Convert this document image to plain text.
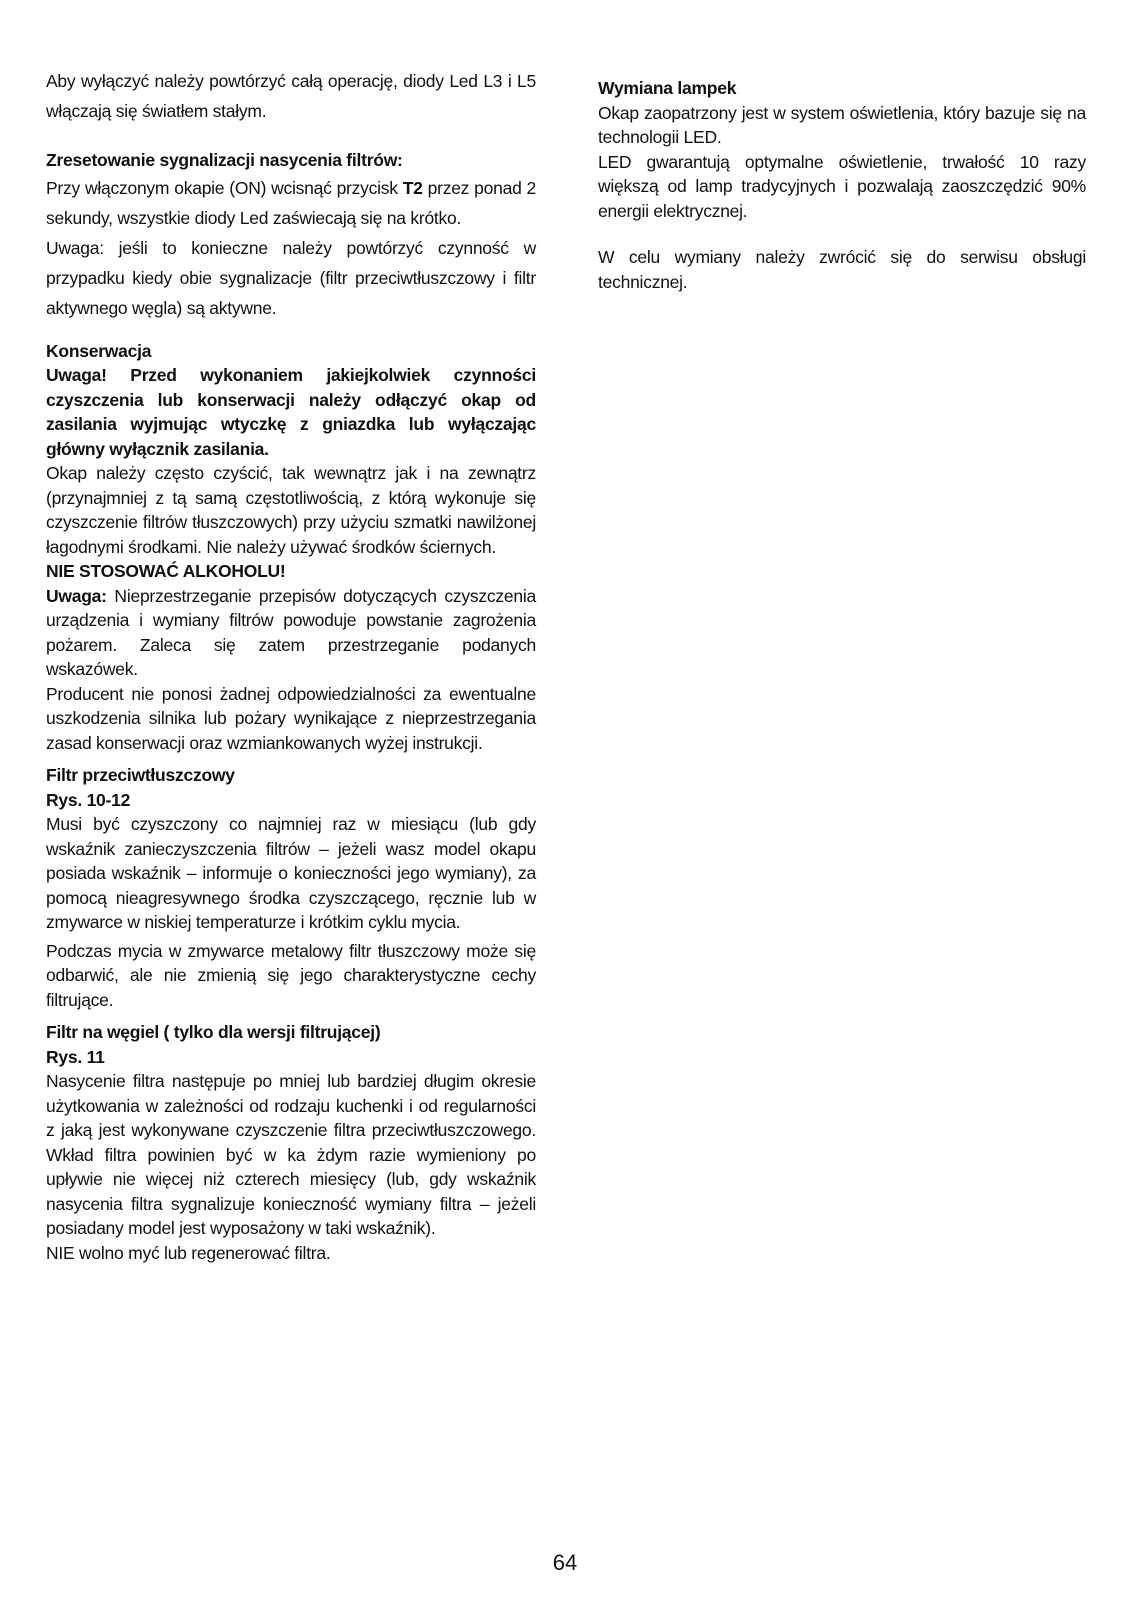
Aby wyłączyć należy powtórzyć całą operację, diody Led L3 i L5 włączają się światłem stałym.

Zresetowanie sygnalizacji nasycenia filtrów:

Przy włączonym okapie (ON) wcisnąć przycisk T2 przez ponad 2 sekundy, wszystkie diody Led zaświecają się na krótko.

Uwaga: jeśli to konieczne należy powtórzyć czynność w przypadku kiedy obie sygnalizacje (filtr przeciwtłuszczowy i filtr aktywnego węgla) są aktywne.

Konserwacja

Uwaga! Przed wykonaniem jakiejkolwiek czynności czyszczenia lub konserwacji należy odłączyć okap od zasilania wyjmując wtyczkę z gniazdka lub wyłączając główny wyłącznik zasilania.

Okap należy często czyścić, tak wewnątrz jak i na zewnątrz (przynajmniej z tą samą częstotliwością, z którą wykonuje się czyszczenie filtrów tłuszczowych) przy użyciu szmatki nawilżonej łagodnymi środkami. Nie należy używać środków ściernych.

NIE STOSOWAĆ ALKOHOLU!

Uwaga: Nieprzestrzeganie przepisów dotyczących czyszczenia urządzenia i wymiany filtrów powoduje powstanie zagrożenia pożarem. Zaleca się zatem przestrzeganie podanych wskazówek.

Producent nie ponosi żadnej odpowiedzialności za ewentualne uszkodzenia silnika lub pożary wynikające z nieprzestrzegania zasad konserwacji oraz wzmiankowanych wyżej instrukcji.

Filtr przeciwtłuszczowy

Rys. 10-12

Musi być czyszczony co najmniej raz w miesiącu (lub gdy wskaźnik zanieczyszczenia filtrów – jeżeli wasz model okapu posiada wskaźnik – informuje o konieczności jego wymiany), za pomocą nieagresywnego środka czyszczącego, ręcznie lub w zmywarce w niskiej temperaturze i krótkim cyklu mycia.

Podczas mycia w zmywarce metalowy filtr tłuszczowy może się odbarwić, ale nie zmienią się jego charakterystyczne cechy filtrujące.

Filtr na węgiel ( tylko dla wersji filtrującej)

Rys. 11

Nasycenie filtra następuje po mniej lub bardziej długim okresie użytkowania w zależności od rodzaju kuchenki i od regularności z jaką jest wykonywane czyszczenie filtra przeciwtłuszczowego. Wkład filtra powinien być w ka żdym razie wymieniony po upływie nie więcej niż czterech miesięcy (lub, gdy wskaźnik nasycenia filtra sygnalizuje konieczność wymiany filtra – jeżeli posiadany model jest wyposażony w taki wskaźnik).

NIE wolno myć lub regenerować filtra.

Wymiana lampek

Okap zaopatrzony jest w system oświetlenia, który bazuje się na technologii LED.

LED gwarantują optymalne oświetlenie, trwałość 10 razy większą od lamp tradycyjnych i pozwalają zaoszczędzić 90% energii elektrycznej.

W celu wymiany należy zwrócić się do serwisu obsługi technicznej.

64
